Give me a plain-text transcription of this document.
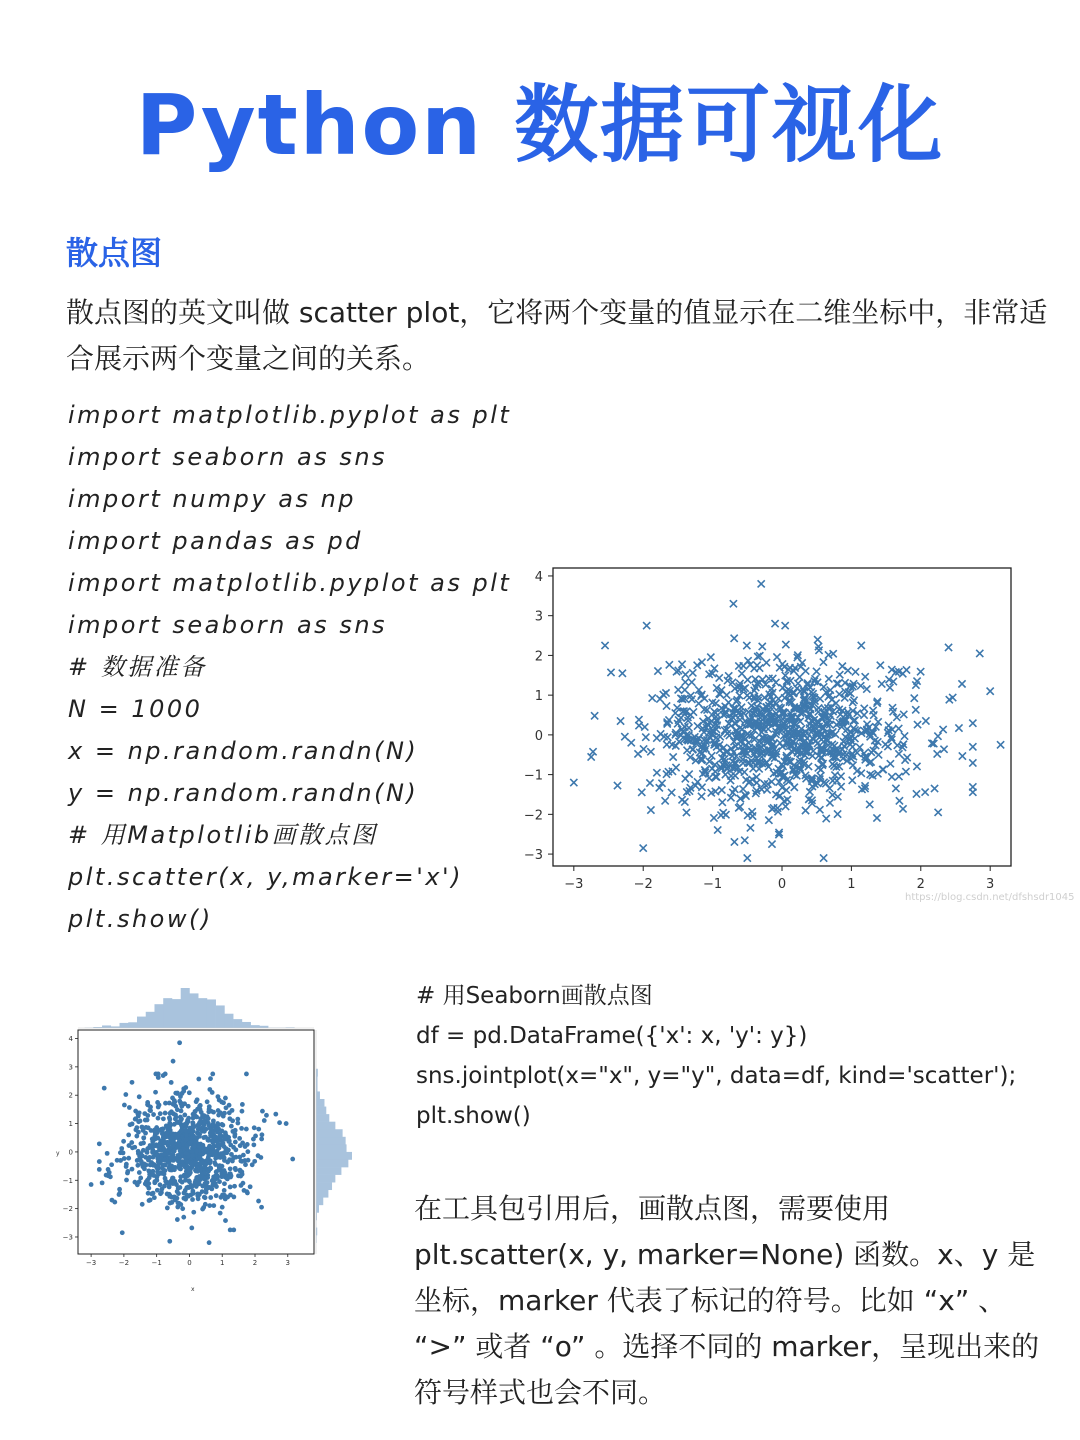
Python 数据可视化
散点图
散点图的英文叫做 scatter plot，它将两个变量的值显示在二维坐标中，非常适合展示两个变量之间的关系。
import matplotlib.pyplot as plt
import seaborn as sns
import numpy as np
import pandas as pd
import matplotlib.pyplot as plt
import seaborn as sns
# 数据准备
N = 1000
x = np.random.randn(N)
y = np.random.randn(N)
# 用Matplotlib画散点图
plt.scatter(x, y,marker='x')
plt.show()
−3	−2	−1	0	1	2	3
4
3
2
1
0
−1
−2
−3
https://blog.csdn.net/dfshsdr1045
−3	−2	−1	0	1	2	3
4
3
2
1
0
−1
−2
−3
x
y
# 用Seaborn画散点图
df = pd.DataFrame({'x': x, 'y': y})
sns.jointplot(x="x", y="y", data=df, kind='scatter');
plt.show()
在工具包引用后，画散点图，需要使用 plt.scatter(x, y, marker=None) 函数。x、y 是坐标，marker 代表了标记的符号。比如 “x” 、 “>” 或者 “o” 。选择不同的 marker，呈现出来的符号样式也会不同。
